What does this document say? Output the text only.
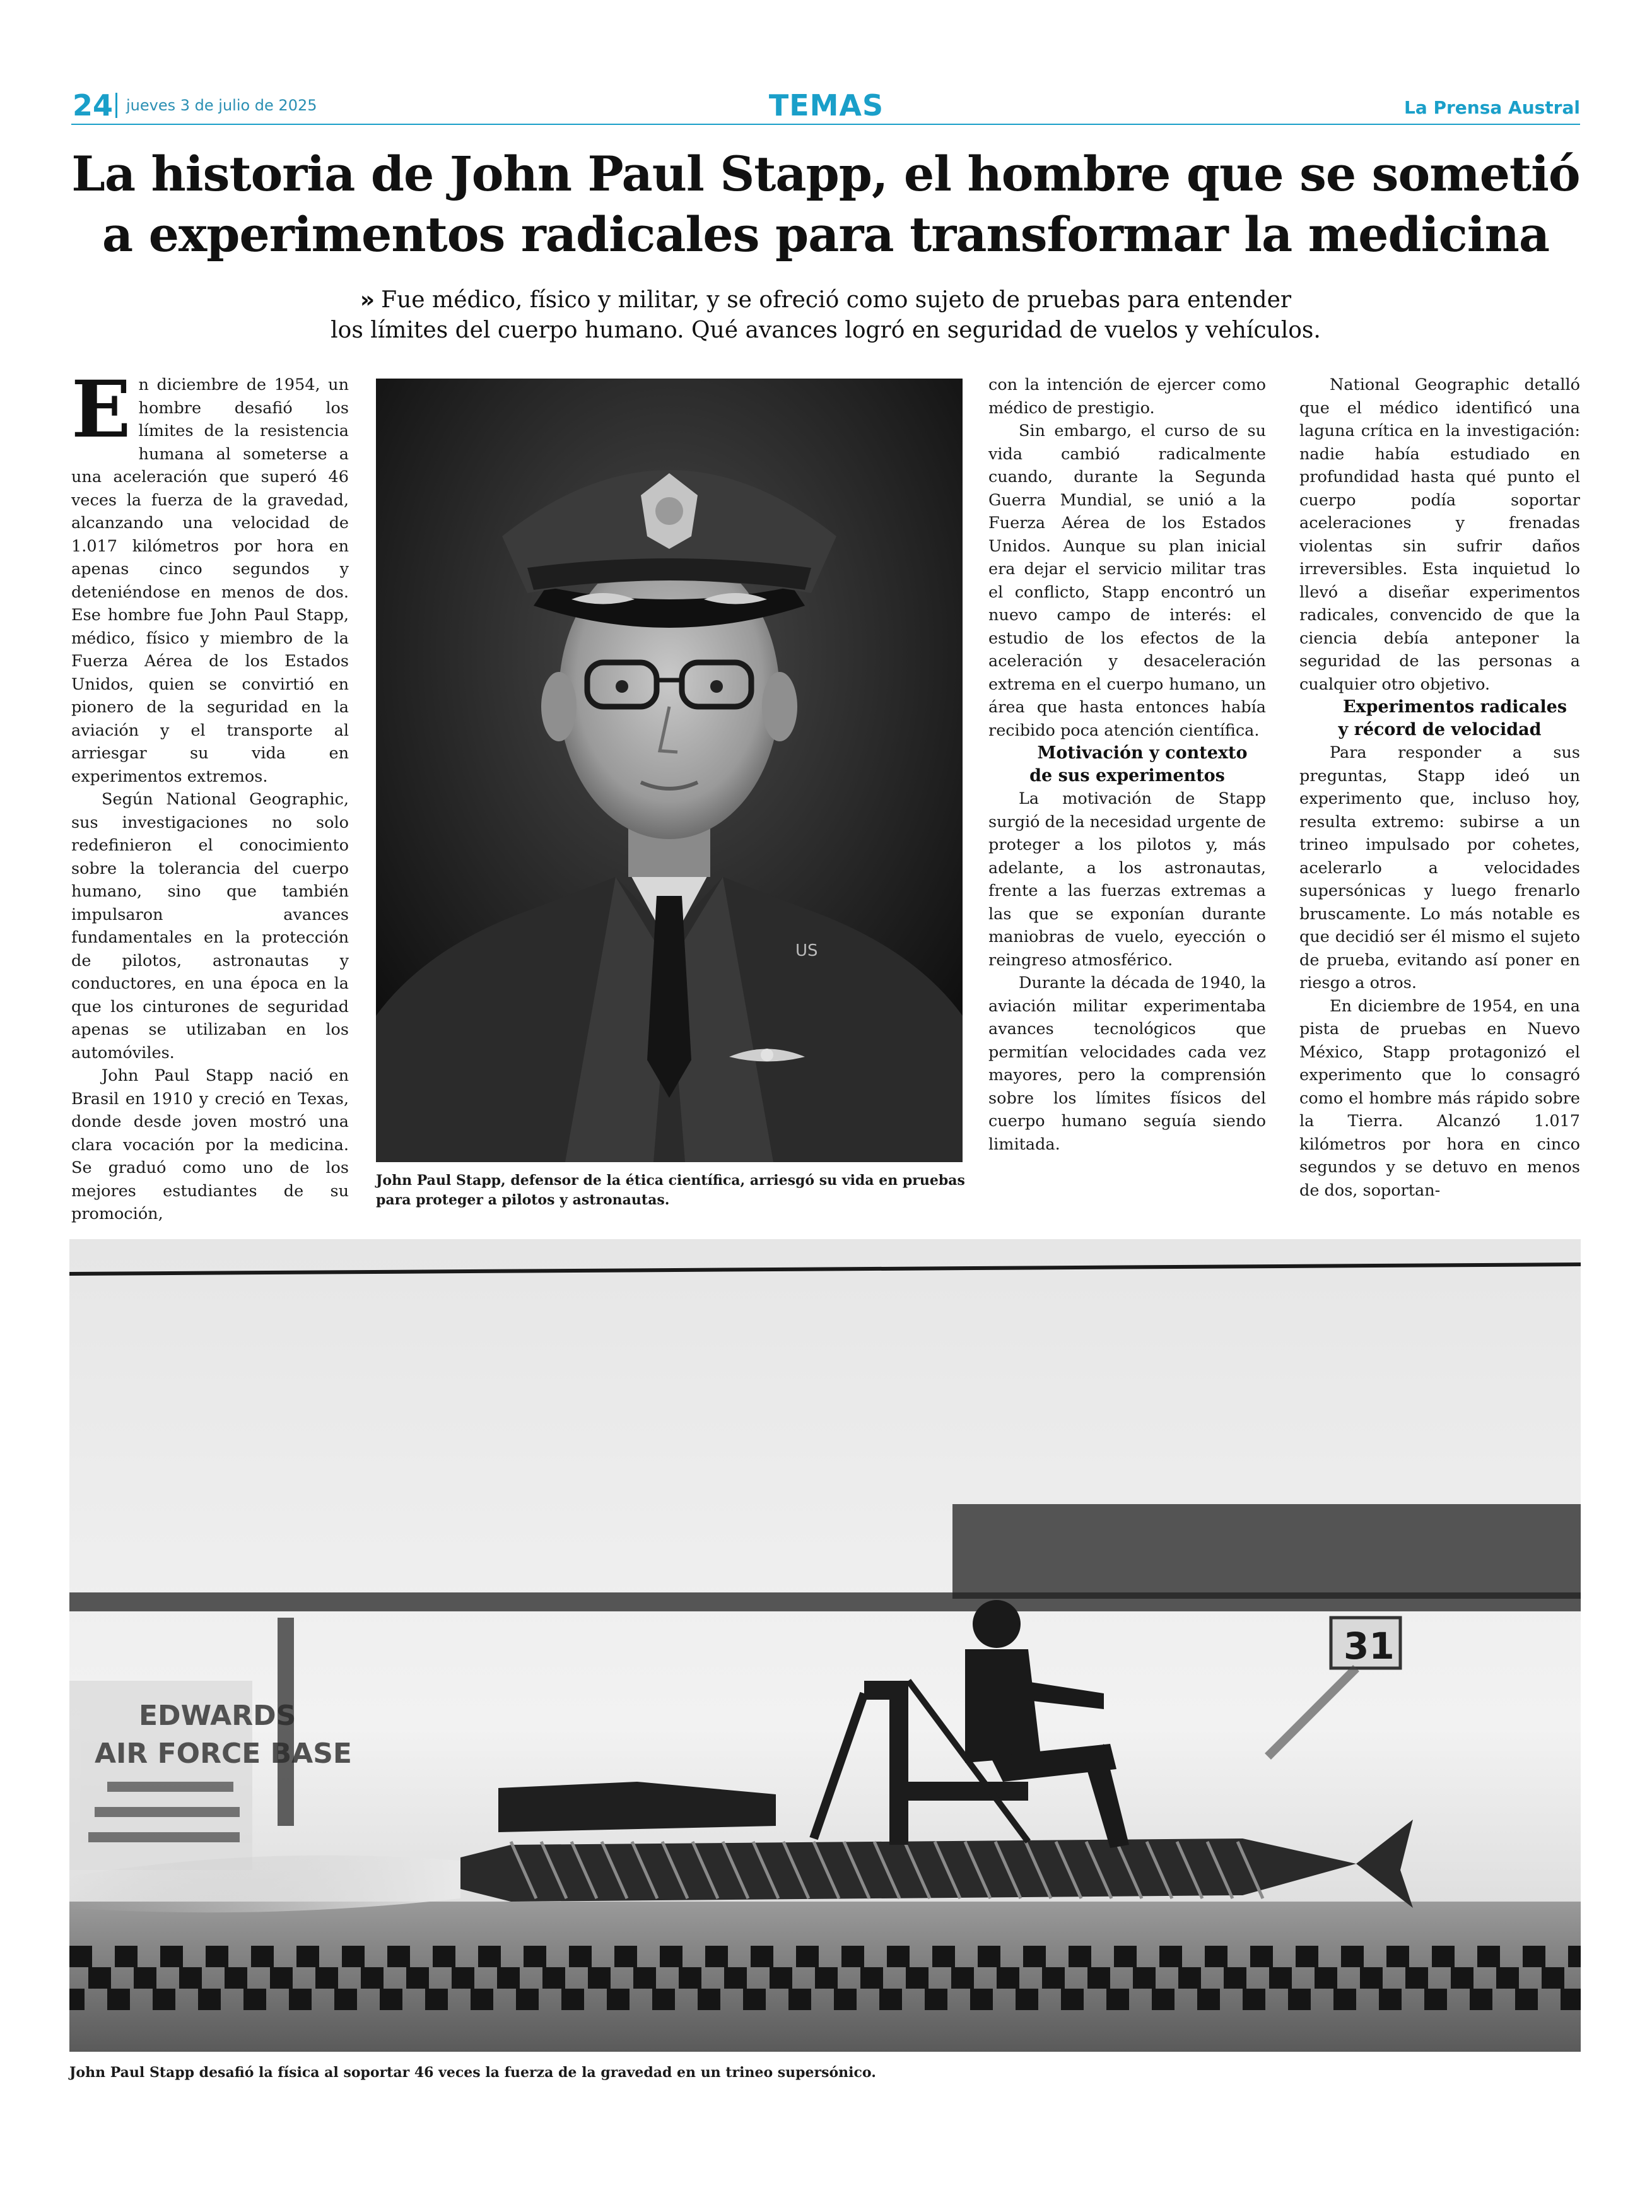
24 jueves 3 de julio de 2025	TEMAS	La Prensa Austral
La historia de John Paul Stapp, el hombre que se sometió
a experimentos radicales para transformar la medicina
» Fue médico, físico y militar, y se ofreció como sujeto de pruebas para entender
los límites del cuerpo humano. Qué avances logró en seguridad de vuelos y vehículos.

En diciembre de 1954, un hombre desafió los límites de la resistencia humana al someterse a una aceleración que superó 46 veces la fuerza de la gravedad, alcanzando una velocidad de 1.017 kilómetros por hora en apenas cinco segundos y deteniéndose en menos de dos. Ese hombre fue John Paul Stapp, médico, físico y miembro de la Fuerza Aérea de los Estados Unidos, quien se convirtió en pionero de la seguridad en la aviación y el transporte al arriesgar su vida en experimentos extremos.

Según National Geographic, sus investigaciones no solo redefinieron el conocimiento sobre la tolerancia del cuerpo humano, sino que también impulsaron avances fundamentales en la protección de pilotos, astronautas y conductores, en una época en la que los cinturones de seguridad apenas se utilizaban en los automóviles.

John Paul Stapp nació en Brasil en 1910 y creció en Texas, donde desde joven mostró una clara vocación por la medicina. Se graduó como uno de los mejores estudiantes de su promoción,

US
John Paul Stapp, defensor de la ética científica, arriesgó su vida en pruebas para proteger a pilotos y astronautas.

con la intención de ejercer como médico de prestigio.

Sin embargo, el curso de su vida cambió radicalmente cuando, durante la Segunda Guerra Mundial, se unió a la Fuerza Aérea de los Estados Unidos. Aunque su plan inicial era dejar el servicio militar tras el conflicto, Stapp encontró un nuevo campo de interés: el estudio de los efectos de la aceleración y desaceleración extrema en el cuerpo humano, un área que hasta entonces había recibido poca atención científica.

Motivación y contexto
de sus experimentos

La motivación de Stapp surgió de la necesidad urgente de proteger a los pilotos y, más adelante, a los astronautas, frente a las fuerzas extremas a las que se exponían durante maniobras de vuelo, eyección o reingreso atmosférico.

Durante la década de 1940, la aviación militar experimentaba avances tecnológicos que permitían velocidades cada vez mayores, pero la comprensión sobre los límites físicos del cuerpo humano seguía siendo limitada.

National Geographic detalló que el médico identificó una laguna crítica en la investigación: nadie había estudiado en profundidad hasta qué punto el cuerpo podía soportar aceleraciones y frenadas violentas sin sufrir daños irreversibles. Esta inquietud lo llevó a diseñar experimentos radicales, convencido de que la ciencia debía anteponer la seguridad de las personas a cualquier otro objetivo.

Experimentos radicales
y récord de velocidad

Para responder a sus preguntas, Stapp ideó un experimento que, incluso hoy, resulta extremo: subirse a un trineo impulsado por cohetes, acelerarlo a velocidades supersónicas y luego frenarlo bruscamente. Lo más notable es que decidió ser él mismo el sujeto de prueba, evitando así poner en riesgo a otros.

En diciembre de 1954, en una pista de pruebas en Nuevo México, Stapp protagonizó el experimento que lo consagró como el hombre más rápido sobre la Tierra. Alcanzó 1.017 kilómetros por hora en cinco segundos y se detuvo en menos de dos, soportan-

EDWARDS
AIR FORCE BASE
31
John Paul Stapp desafió la física al soportar 46 veces la fuerza de la gravedad en un trineo supersónico.
